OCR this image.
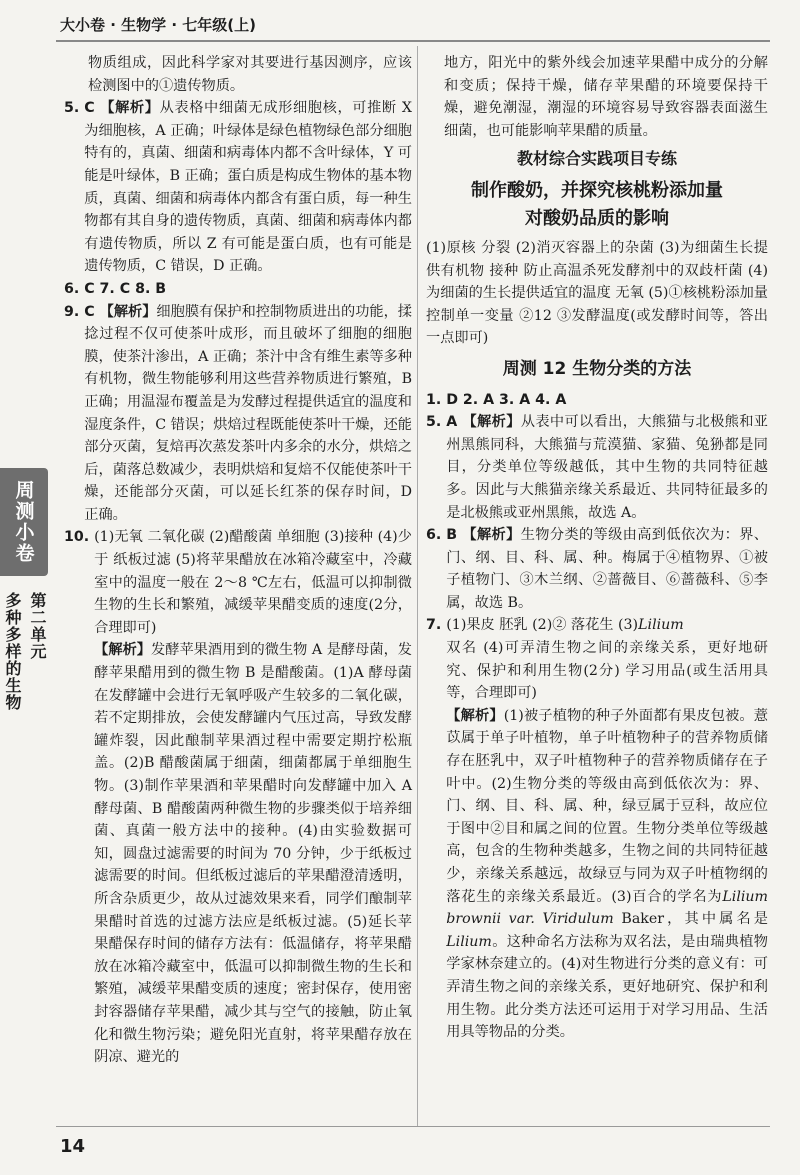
大小卷 · 生物学 · 七年级(上)
周测小卷
第二单元
多种多样的生物

物质组成，因此科学家对其要进行基因测序，应该检测图中的①遗传物质。

5. C 【解析】从表格中细菌无成形细胞核，可推断 X 为细胞核，A 正确；叶绿体是绿色植物绿色部分细胞特有的，真菌、细菌和病毒体内都不含叶绿体，Y 可能是叶绿体，B 正确；蛋白质是构成生物体的基本物质，真菌、细菌和病毒体内都含有蛋白质，每一种生物都有其自身的遗传物质，真菌、细菌和病毒体内都有遗传物质，所以 Z 有可能是蛋白质，也有可能是遗传物质，C 错误，D 正确。

6. C 7. C 8. B

9. C 【解析】细胞膜有保护和控制物质进出的功能，揉捻过程不仅可使茶叶成形，而且破坏了细胞的细胞膜，使茶汁渗出，A 正确；茶汁中含有维生素等多种有机物，微生物能够利用这些营养物质进行繁殖，B 正确；用温湿布覆盖是为发酵过程提供适宜的温度和湿度条件，C 错误；烘焙过程既能使茶叶干燥，还能部分灭菌，复焙再次蒸发茶叶内多余的水分，烘焙之后，菌落总数减少，表明烘焙和复焙不仅能使茶叶干燥，还能部分灭菌，可以延长红茶的保存时间，D 正确。
10. (1)无氧 二氧化碳 (2)醋酸菌 单细胞 (3)接种 (4)少于 纸板过滤 (5)将苹果醋放在冰箱冷藏室中，冷藏室中的温度一般在 2～8 ℃左右，低温可以抑制微生物的生长和繁殖，减缓苹果醋变质的速度(2分，合理即可)

【解析】发酵苹果酒用到的微生物 A 是酵母菌，发酵苹果醋用到的微生物 B 是醋酸菌。(1)A 酵母菌在发酵罐中会进行无氧呼吸产生较多的二氧化碳，若不定期排放，会使发酵罐内气压过高，导致发酵罐炸裂，因此酿制苹果酒过程中需要定期拧松瓶盖。(2)B 醋酸菌属于细菌，细菌都属于单细胞生物。(3)制作苹果酒和苹果醋时向发酵罐中加入 A 酵母菌、B 醋酸菌两种微生物的步骤类似于培养细菌、真菌一般方法中的接种。(4)由实验数据可知，圆盘过滤需要的时间为 70 分钟，少于纸板过滤需要的时间。但纸板过滤后的苹果醋澄清透明，所含杂质更少，故从过滤效果来看，同学们酿制苹果醋时首选的过滤方法应是纸板过滤。(5)延长苹果醋保存时间的储存方法有：低温储存，将苹果醋放在冰箱冷藏室中，低温可以抑制微生物的生长和繁殖，减缓苹果醋变质的速度；密封保存，使用密封容器储存苹果醋，减少其与空气的接触，防止氧化和微生物污染；避免阳光直射，将苹果醋存放在阴凉、避光的

地方，阳光中的紫外线会加速苹果醋中成分的分解和变质；保持干燥，储存苹果醋的环境要保持干燥，避免潮湿，潮湿的环境容易导致容器表面滋生细菌，也可能影响苹果醋的质量。

教材综合实践项目专练
制作酸奶，并探究核桃粉添加量
对酸奶品质的影响

(1)原核 分裂 (2)消灭容器上的杂菌 (3)为细菌生长提供有机物 接种 防止高温杀死发酵剂中的双歧杆菌 (4)为细菌的生长提供适宜的温度 无氧 (5)①核桃粉添加量 控制单一变量 ②12 ③发酵温度(或发酵时间等，答出一点即可)

周测 12 生物分类的方法

1. D 2. A 3. A 4. A

5. A 【解析】从表中可以看出，大熊猫与北极熊和亚州黑熊同科，大熊猫与荒漠猫、家猫、兔狲都是同目，分类单位等级越低，其中生物的共同特征越多。因此与大熊猫亲缘关系最近、共同特征最多的是北极熊或亚州黑熊，故选 A。
6. B 【解析】生物分类的等级由高到低依次为：界、门、纲、目、科、属、种。梅属于④植物界、①被子植物门、③木兰纲、②蔷薇目、⑥蔷薇科、⑤李属，故选 B。
7. (1)果皮 胚乳 (2)② 落花生 (3)Lilium

双名 (4)可弄清生物之间的亲缘关系，更好地研究、保护和利用生物(2分) 学习用品(或生活用具等，合理即可)

【解析】(1)被子植物的种子外面都有果皮包被。薏苡属于单子叶植物，单子叶植物种子的营养物质储存在胚乳中，双子叶植物种子的营养物质储存在子叶中。(2)生物分类的等级由高到低依次为：界、门、纲、目、科、属、种，绿豆属于豆科，故应位于图中②目和属之间的位置。生物分类单位等级越高，包含的生物种类越多，生物之间的共同特征越少，亲缘关系越远，故绿豆与同为双子叶植物纲的落花生的亲缘关系最近。(3)百合的学名为Lilium brownii var. Viridulum Baker，其中属名是Lilium。这种命名方法称为双名法，是由瑞典植物学家林奈建立的。(4)对生物进行分类的意义有：可弄清生物之间的亲缘关系，更好地研究、保护和利用生物。此分类方法还可运用于对学习用品、生活用具等物品的分类。

14
